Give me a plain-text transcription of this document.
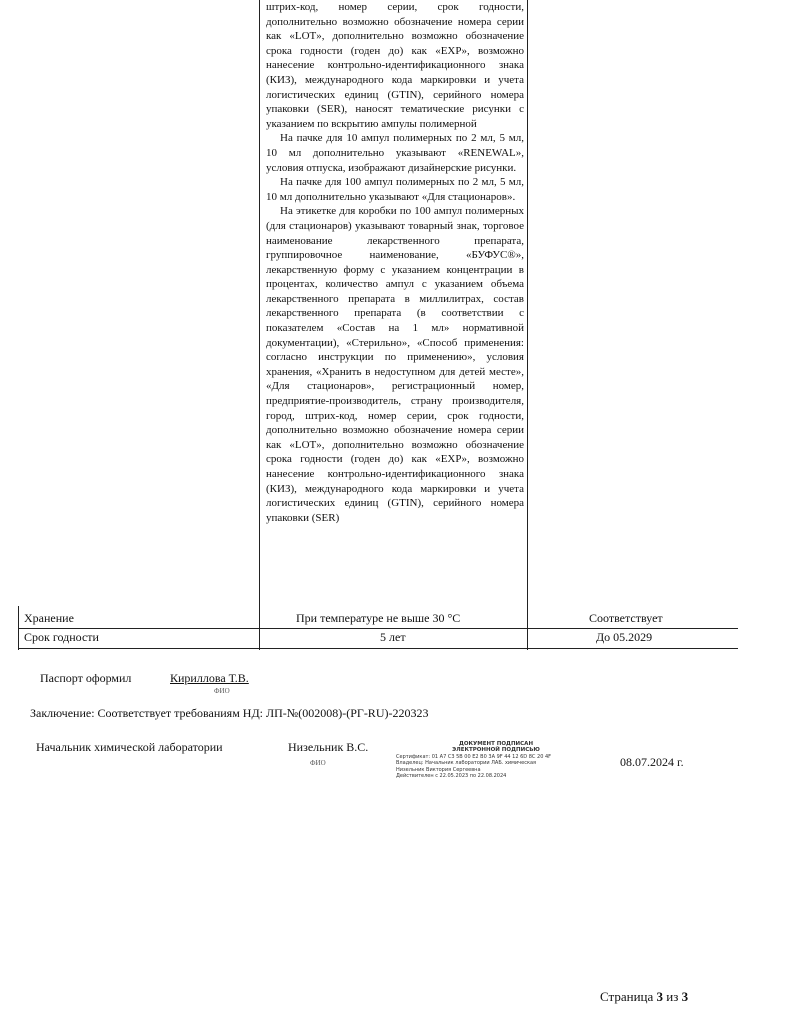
штрих-код, номер серии, срок годности, дополнительно возможно обозначение номера серии как «LOT», дополнительно возможно обозначение срока годности (годен до) как «EXP», возможно нанесение контрольно-идентификационного знака (КИЗ), международного кода маркировки и учета логистических единиц (GTIN), серийного номера упаковки (SER), наносят тематические рисунки с указанием по вскрытию ампулы полимерной

На пачке для 10 ампул полимерных по 2 мл, 5 мл, 10 мл дополнительно указывают «RENEWAL», условия отпуска, изображают дизайнерские рисунки.

На пачке для 100 ампул полимерных по 2 мл, 5 мл, 10 мл дополнительно указывают «Для стационаров».

На этикетке для коробки по 100 ампул полимерных (для стационаров) указывают товарный знак, торговое наименование лекарственного препарата, группировочное наименование, «БУФУС®», лекарственную форму с указанием концентрации в процентах, количество ампул с указанием объема лекарственного препарата в миллилитрах, состав лекарственного препарата (в соответствии с показателем «Состав на 1 мл» нормативной документации), «Стерильно», «Способ применения: согласно инструкции по применению», условия хранения, «Хранить в недоступном для детей месте», «Для стационаров», регистрационный номер, предприятие-производитель, страну производителя, город, штрих-код, номер серии, срок годности, дополнительно возможно обозначение номера серии как «LOT», дополнительно возможно обозначение срока годности (годен до) как «EXP», возможно нанесение контрольно-идентификационного знака (КИЗ), международного кода маркировки и учета логистических единиц (GTIN), серийного номера упаковки (SER)

Хранение	При температуре не выше 30 °С	Соответствует
Срок годности	5 лет	До 05.2029
Паспорт оформил	Кириллова Т.В.
ФИО
Заключение: Соответствует требованиям НД: ЛП-№(002008)-(РГ-RU)-220323
Начальник химической лаборатории	Низельник В.С.
ФИО
ДОКУМЕНТ ПОДПИСАН
ЭЛЕКТРОННОЙ ПОДПИСЬЮ
Сертификат: 01 A7 C3 5B 00 E2 B0 3A 9F 44 12 6D 8C 20 4F
Владелец: Начальник лаборатории ЛАБ. химическая
Низельник Виктория Сергеевна
Действителен с 22.05.2023 по 22.08.2024
08.07.2024 г.
Страница 3 из 3
